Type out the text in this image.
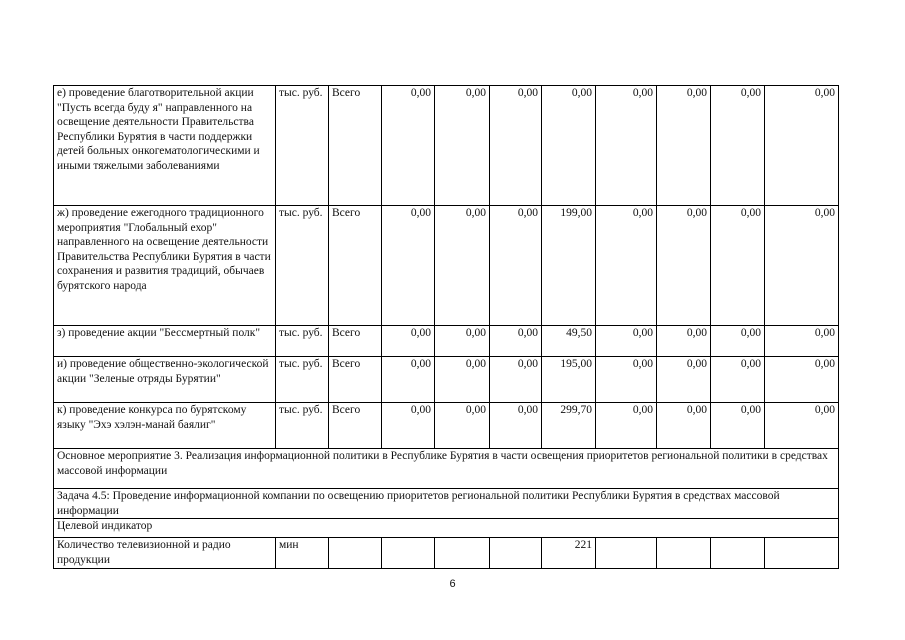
е) проведение благотворительной акции "Пусть всегда буду я" направленного на освещение деятельности Правительства Республики Бурятия в части поддержки детей больных онкогематологическими и иными тяжелыми заболеваниями	тыс. руб.	Всего	0,00	0,00	0,00	0,00	0,00	0,00	0,00	0,00
ж) проведение ежегодного традиционного мероприятия "Глобальный ехор" направленного на освещение деятельности Правительства Республики Бурятия в части сохранения и развития традиций, обычаев бурятского народа	тыс. руб.	Всего	0,00	0,00	0,00	199,00	0,00	0,00	0,00	0,00
з) проведение акции "Бессмертный полк"	тыс. руб.	Всего	0,00	0,00	0,00	49,50	0,00	0,00	0,00	0,00
и) проведение общественно-экологической акции "Зеленые отряды Бурятии"	тыс. руб.	Всего	0,00	0,00	0,00	195,00	0,00	0,00	0,00	0,00
к) проведение конкурса по бурятскому языку "Эхэ хэлэн-манай баялиг"	тыс. руб.	Всего	0,00	0,00	0,00	299,70	0,00	0,00	0,00	0,00
Основное мероприятие 3. Реализация информационной политики в Республике Бурятия в части освещения приоритетов региональной политики в средствах массовой информации										
Задача 4.5: Проведение информационной компании по освещению приоритетов региональной политики Республики Бурятия в средствах массовой информации										
Целевой индикатор										
Количество телевизионной и радио продукции	мин					221				
6
